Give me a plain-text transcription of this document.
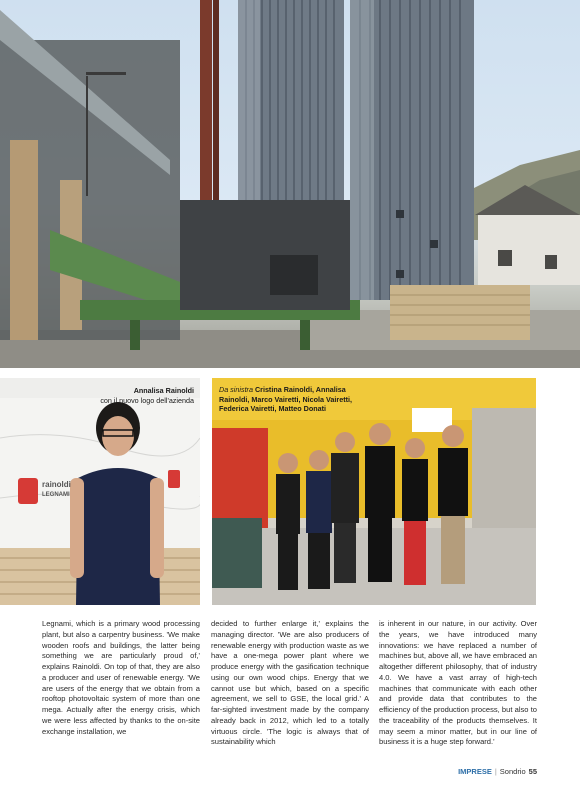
Annalisa Rainoldi
con il nuovo logo dell'azienda
rainoldi
LEGNAMI
Da sinistra Cristina Rainoldi, Annalisa Rainoldi, Marco Vairetti, Nicola Vairetti, Federica Vairetti, Matteo Donati
Legnami, which is a primary wood processing plant, but also a carpentry business. 'We make wooden roofs and buildings, the latter being something we are particularly proud of,' explains Rainoldi. On top of that, they are also a producer and user of renewable energy. 'We are users of the energy that we obtain from a rooftop photovoltaic system of more than one mega. Actually after the energy crisis, which we were less affected by thanks to the on-site exchange installation, we
decided to further enlarge it,' explains the managing director. 'We are also producers of renewable energy with production waste as we have a one-mega power plant where we produce energy with the gasification technique using our own wood chips. Energy that we cannot use but which, based on a specific agreement, we sell to GSE, the local grid.' A far-sighted investment made by the company already back in 2012, which led to a totally virtuous circle. 'The logic is always that of sustainability which
is inherent in our nature, in our activity. Over the years, we have introduced many innovations: we have replaced a number of machines but, above all, we have embraced an altogether different philosophy, that of industry 4.0. We have a vast array of high-tech machines that communicate with each other and provide data that contributes to the efficiency of the production process, but also to the traceability of the products themselves. It may seem a minor matter, but in our line of business it is a huge step forward.'
IMPRESE | Sondrio 55
